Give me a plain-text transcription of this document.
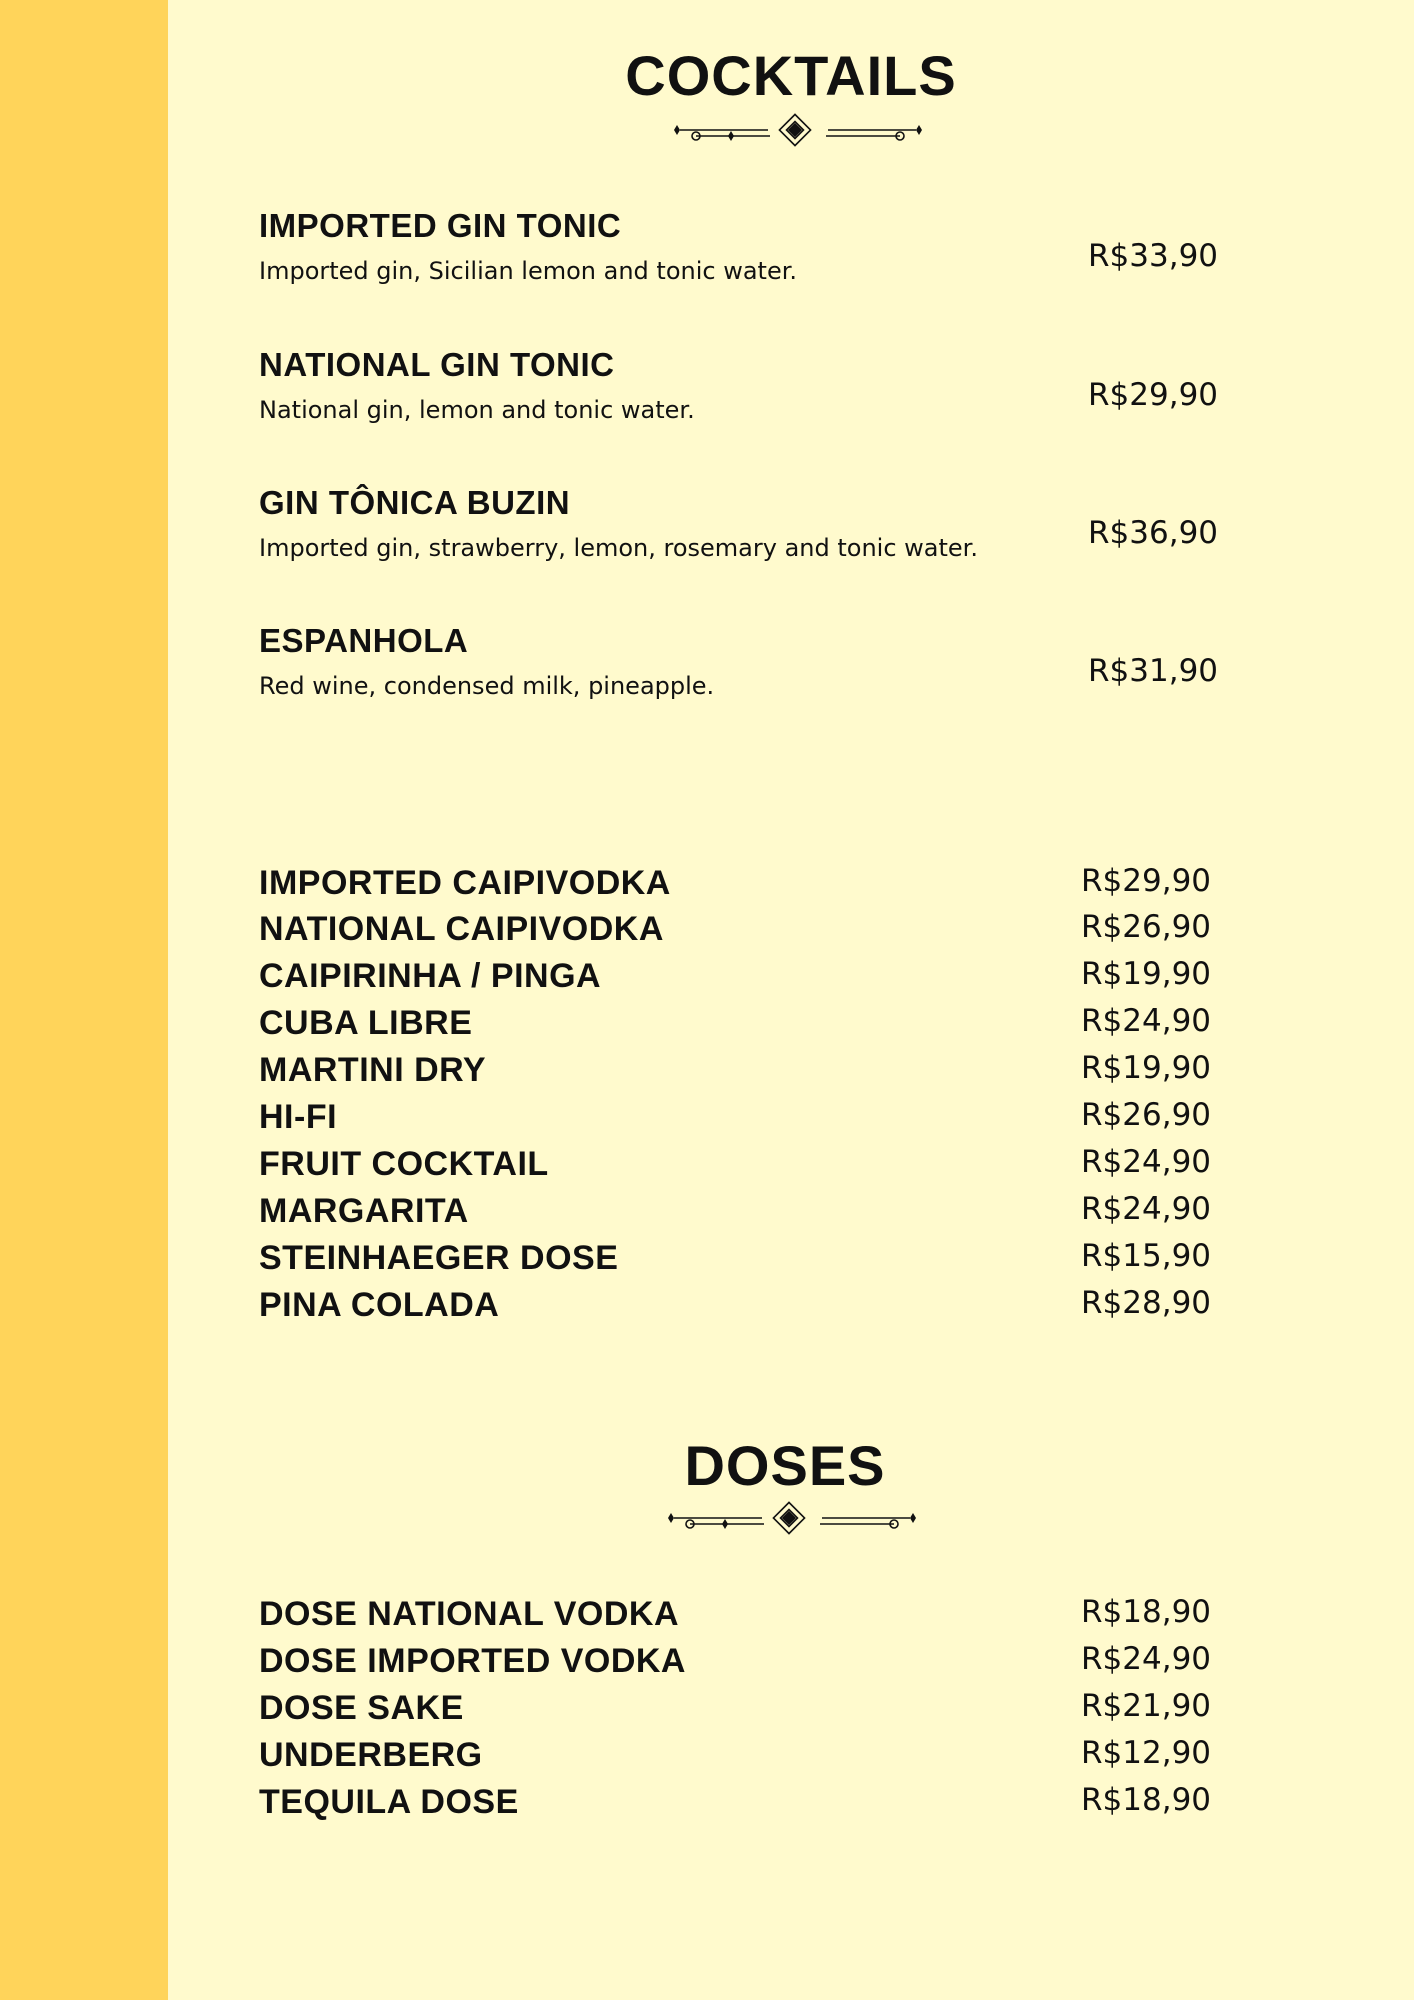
COCKTAILS
IMPORTED GIN TONIC
Imported gin, Sicilian lemon and tonic water.	R$33,90
NATIONAL GIN TONIC
National gin, lemon and tonic water.	R$29,90
GIN TÔNICA BUZIN
Imported gin, strawberry, lemon, rosemary and tonic water.	R$36,90
ESPANHOLA
Red wine, condensed milk, pineapple.	R$31,90
IMPORTED CAIPIVODKA	R$29,90
NATIONAL CAIPIVODKA	R$26,90
CAIPIRINHA / PINGA	R$19,90
CUBA LIBRE	R$24,90
MARTINI DRY	R$19,90
HI-FI	R$26,90
FRUIT COCKTAIL	R$24,90
MARGARITA	R$24,90
STEINHAEGER DOSE	R$15,90
PINA COLADA	R$28,90
DOSES
DOSE NATIONAL VODKA	R$18,90
DOSE IMPORTED VODKA	R$24,90
DOSE SAKE	R$21,90
UNDERBERG	R$12,90
TEQUILA DOSE	R$18,90
